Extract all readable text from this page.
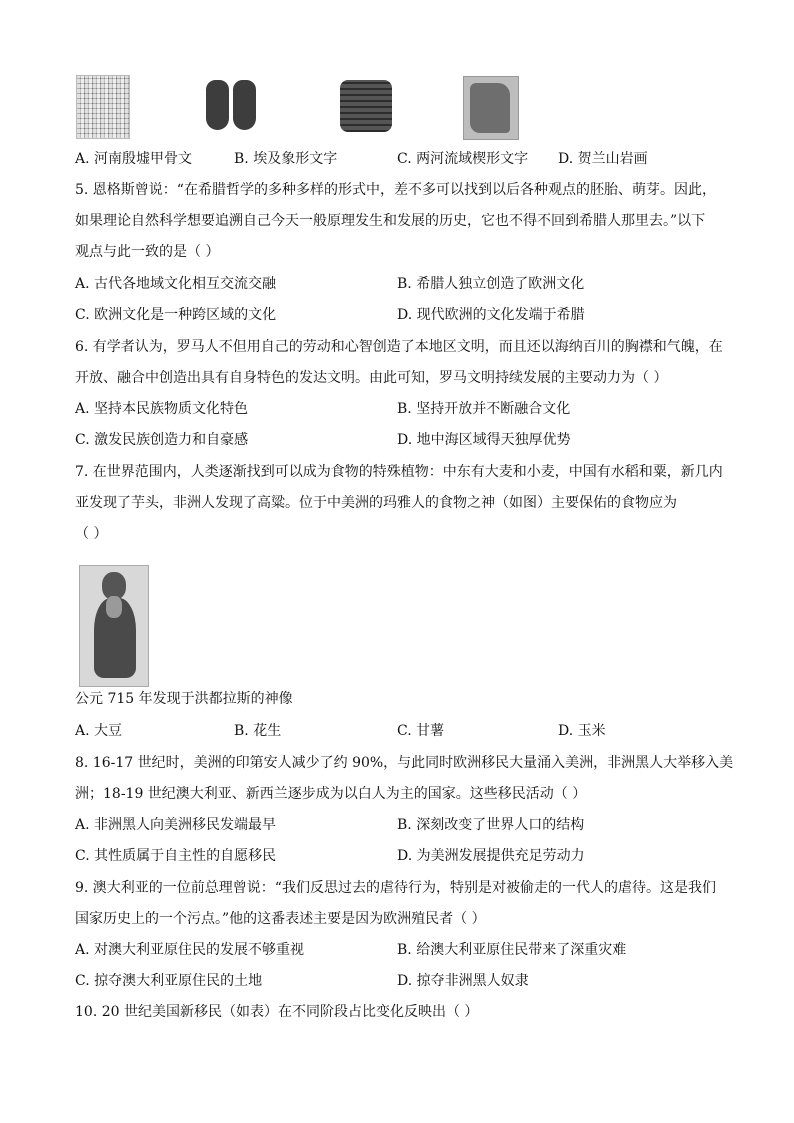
A. 河南殷墟甲骨文	B. 埃及象形文字	C. 两河流域楔形文字 D. 贺兰山岩画
5. 恩格斯曾说：“在希腊哲学的多种多样的形式中，差不多可以找到以后各种观点的胚胎、萌芽。因此，
如果理论自然科学想要追溯自己今天一般原理发生和发展的历史，它也不得不回到希腊人那里去。”以下
观点与此一致的是（ ）
A. 古代各地域文化相互交流交融	B. 希腊人独立创造了欧洲文化
C. 欧洲文化是一种跨区域的文化	D. 现代欧洲的文化发端于希腊
6. 有学者认为，罗马人不但用自己的劳动和心智创造了本地区文明，而且还以海纳百川的胸襟和气魄，在
开放、融合中创造出具有自身特色的发达文明。由此可知，罗马文明持续发展的主要动力为（ ）
A. 坚持本民族物质文化特色	B. 坚持开放并不断融合文化
C. 激发民族创造力和自豪感	D. 地中海区域得天独厚优势
7. 在世界范围内，人类逐渐找到可以成为食物的特殊植物：中东有大麦和小麦，中国有水稻和粟，新几内
亚发现了芋头，非洲人发现了高粱。位于中美洲的玛雅人的食物之神（如图）主要保佑的食物应为
（ ）
公元 715 年发现于洪都拉斯的神像
A. 大豆	B. 花生	C. 甘薯	D. 玉米
8. 16-17 世纪时，美洲的印第安人减少了约 90%，与此同时欧洲移民大量涌入美洲，非洲黑人大举移入美
洲；18-19 世纪澳大利亚、新西兰逐步成为以白人为主的国家。这些移民活动（ ）
A. 非洲黑人向美洲移民发端最早	B. 深刻改变了世界人口的结构
C. 其性质属于自主性的自愿移民	D. 为美洲发展提供充足劳动力
9. 澳大利亚的一位前总理曾说：“我们反思过去的虐待行为，特别是对被偷走的一代人的虐待。这是我们
国家历史上的一个污点。”他的这番表述主要是因为欧洲殖民者（ ）
A. 对澳大利亚原住民的发展不够重视	B. 给澳大利亚原住民带来了深重灾难
C. 掠夺澳大利亚原住民的土地	D. 掠夺非洲黑人奴隶
10. 20 世纪美国新移民（如表）在不同阶段占比变化反映出（ ）
